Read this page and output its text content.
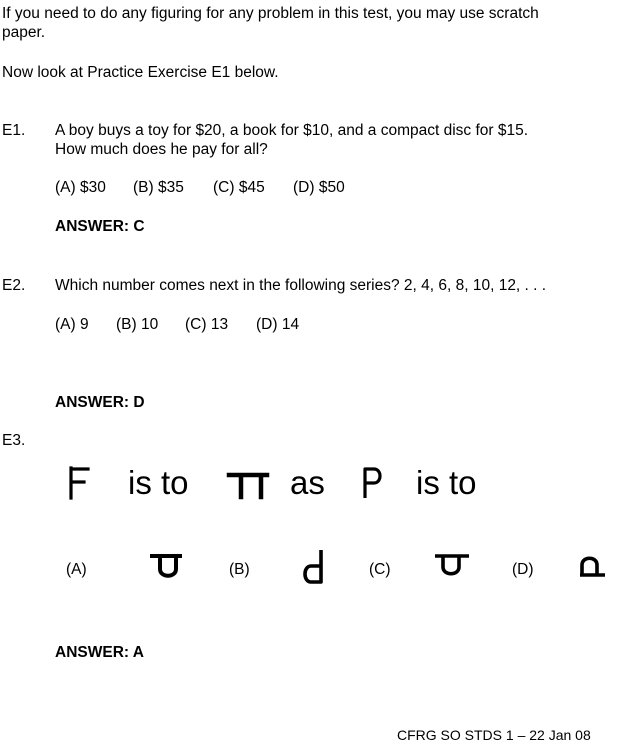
If you need to do any figuring for any problem in this test, you may use scratch
paper.
Now look at Practice Exercise E1 below.
E1. A boy buys a toy for $20, a book for $10, and a compact disc for $15.
How much does he pay for all?
(A) $30 (B) $35 (C) $45 (D) $50
ANSWER: C
E2. Which number comes next in the following series? 2, 4, 6, 8, 10, 12, . . .
(A) 9 (B) 10 (C) 13 (D) 14
ANSWER: D
E3.
is to	as	is to
(A)	(B)	(C)	(D)
ANSWER: A
CFRG SO STDS 1 – 22 Jan 08
